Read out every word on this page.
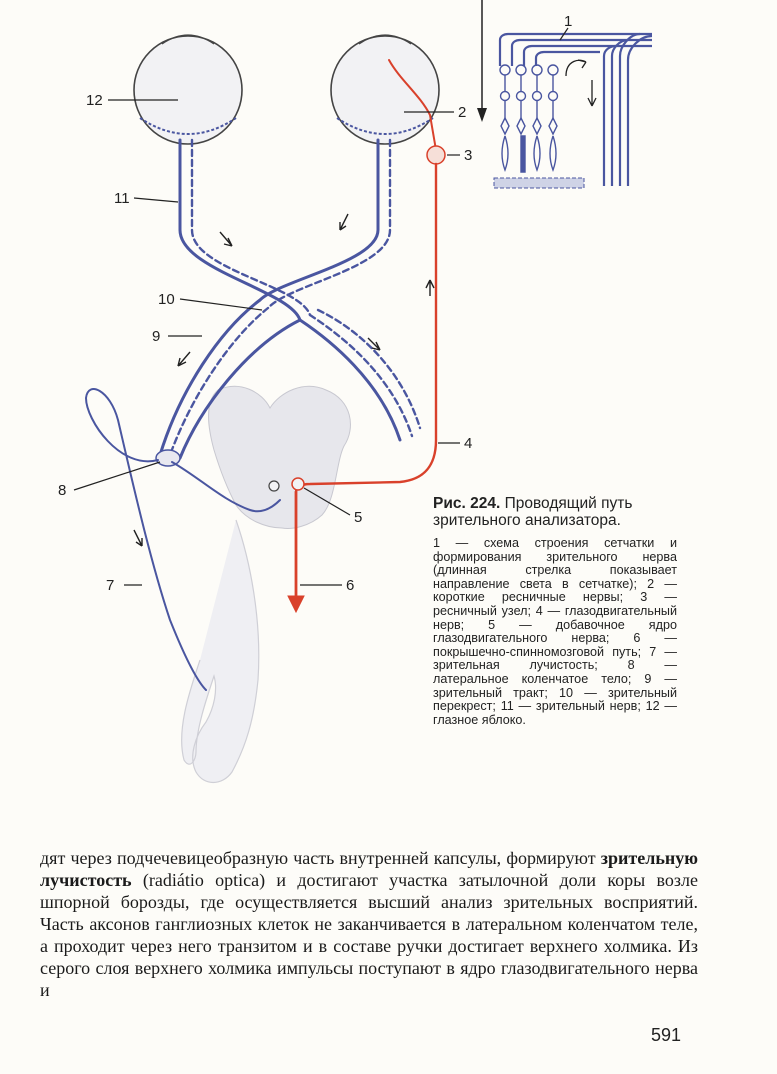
1
2
3
4
5
6
7
8
9
10
11
12

Рис. 224. Проводящий путь зрительного анализатора.

1 — схема строения сетчатки и формирования зрительного нерва (длинная стрелка показывает направление света в сетчатке); 2 — короткие ресничные нервы; 3 — ресничный узел; 4 — глазодвигательный нерв; 5 — добавочное ядро глазодвигательного нерва; 6 — покрышечно-спинномозговой путь; 7 — зрительная лучистость; 8 — латеральное коленчатое тело; 9 — зрительный тракт; 10 — зрительный перекрест; 11 — зрительный нерв; 12 — глазное яблоко.

дят через подчечевицеобразную часть внутренней капсулы, формируют зрительную лучистость (radiátio optica) и достигают участка затылочной доли коры возле шпорной борозды, где осуществляется высший анализ зрительных восприятий. Часть аксонов ганглиозных клеток не заканчивается в латеральном коленчатом теле, а проходит через него транзитом и в составе ручки достигает верхнего холмика. Из серого слоя верхнего холмика импульсы поступают в ядро глазодвигательного нерва и

591
